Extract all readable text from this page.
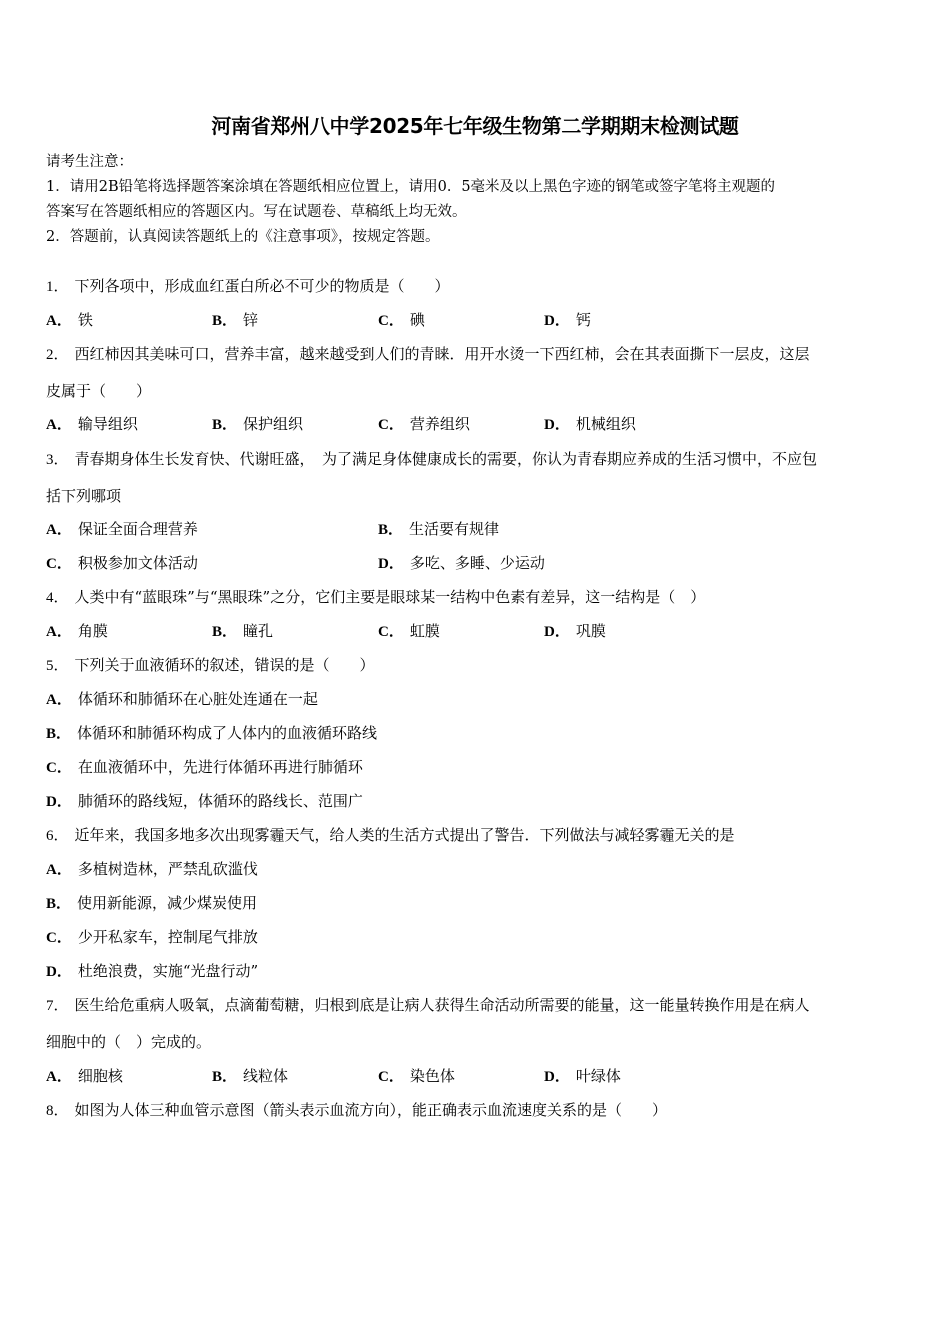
河南省郑州八中学2025年七年级生物第二学期期末检测试题
请考生注意：
1．请用2B铅笔将选择题答案涂填在答题纸相应位置上，请用0．5毫米及以上黑色字迹的钢笔或签字笔将主观题的
答案写在答题纸相应的答题区内。写在试题卷、草稿纸上均无效。
2．答题前，认真阅读答题纸上的《注意事项》，按规定答题。
1． 下列各项中，形成血红蛋白所必不可少的物质是（　　）
A． 铁	B． 锌	C． 碘	D． 钙
2． 西红柿因其美味可口，营养丰富，越来越受到人们的青睐．用开水烫一下西红柿，会在其表面撕下一层皮，这层
皮属于（　　）
A． 输导组织	B． 保护组织	C． 营养组织	D． 机械组织
3． 青春期身体生长发育快、代谢旺盛，　为了满足身体健康成长的需要，你认为青春期应养成的生活习惯中，不应包
括下列哪项
A． 保证全面合理营养	B． 生活要有规律
C． 积极参加文体活动	D． 多吃、多睡、少运动
4． 人类中有“蓝眼珠”与“黑眼珠”之分，它们主要是眼球某一结构中色素有差异，这一结构是（　）
A． 角膜	B． 瞳孔	C． 虹膜	D． 巩膜
5． 下列关于血液循环的叙述，错误的是（　　）
A． 体循环和肺循环在心脏处连通在一起
B． 体循环和肺循环构成了人体内的血液循环路线
C． 在血液循环中，先进行体循环再进行肺循环
D． 肺循环的路线短，体循环的路线长、范围广
6． 近年来，我国多地多次出现雾霾天气，给人类的生活方式提出了警告．下列做法与减轻雾霾无关的是
A． 多植树造林，严禁乱砍滥伐
B． 使用新能源，减少煤炭使用
C． 少开私家车，控制尾气排放
D． 杜绝浪费，实施“光盘行动”
7． 医生给危重病人吸氧，点滴葡萄糖，归根到底是让病人获得生命活动所需要的能量，这一能量转换作用是在病人
细胞中的（　）完成的。
A． 细胞核	B． 线粒体	C． 染色体	D． 叶绿体
8． 如图为人体三种血管示意图（箭头表示血流方向），能正确表示血流速度关系的是（　　）
